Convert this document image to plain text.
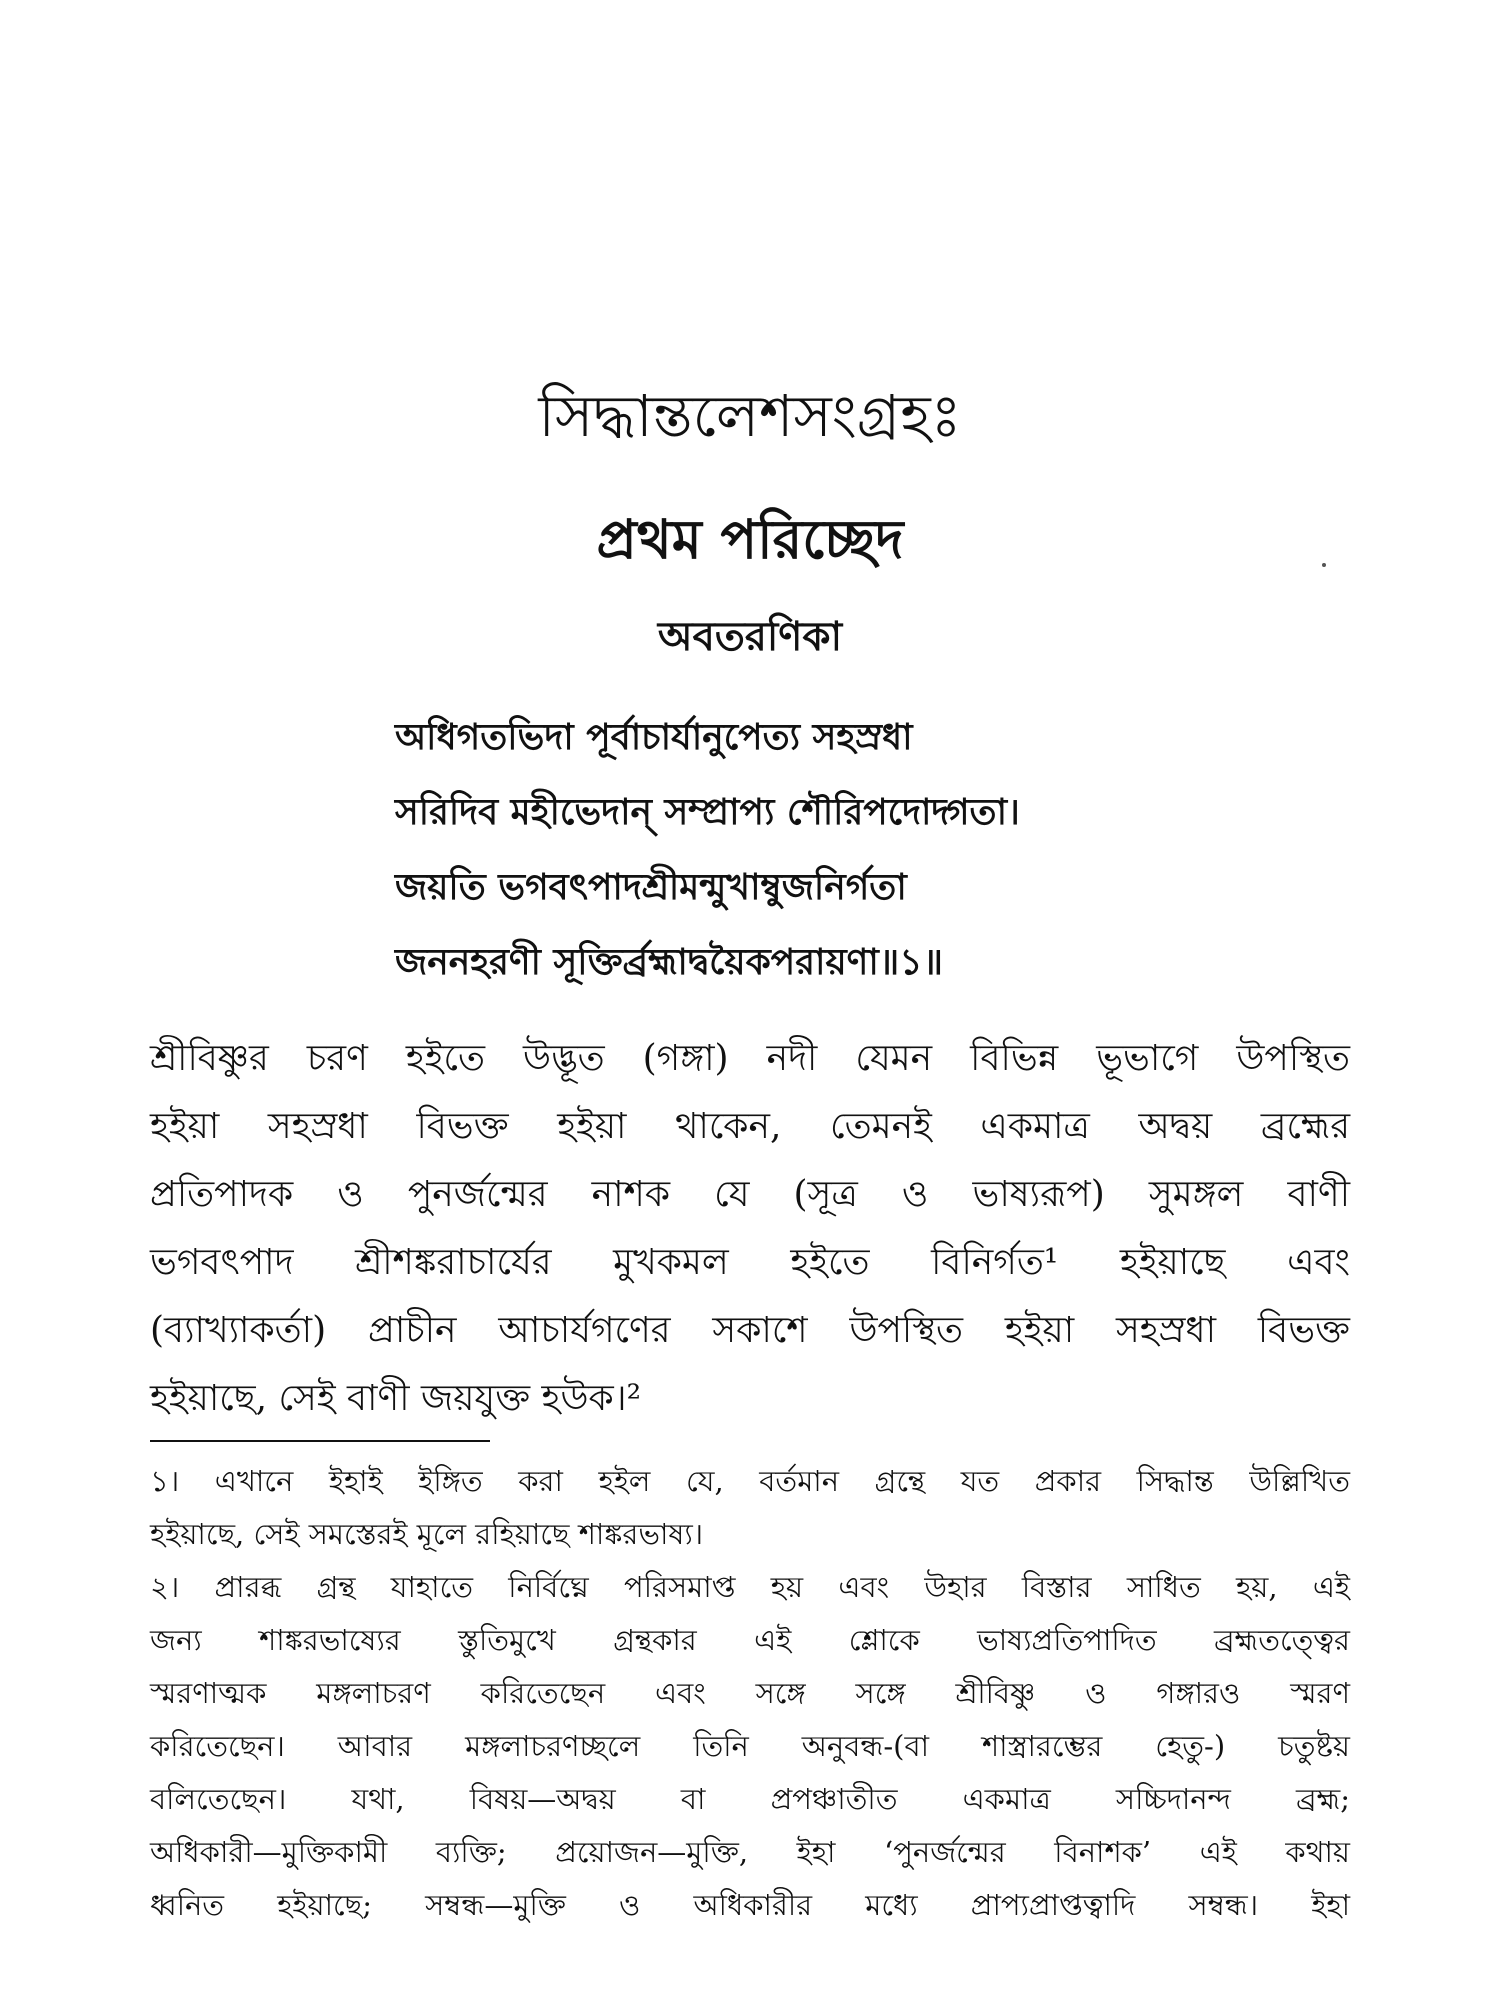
সিদ্ধান্তলেশসংগ্রহঃ
প্রথম পরিচ্ছেদ
অবতরণিকা
অধিগতভিদা পূর্বাচার্যানুপেত্য সহস্রধা
সরিদিব মহীভেদান্ সম্প্রাপ্য শৌরিপদোদ্গতা।
জয়তি ভগবৎপাদশ্রীমন্মুখাম্বুজনির্গতা
জননহরণী সূক্তির্ব্রহ্মাদ্বয়ৈকপরায়ণা॥১॥
শ্রীবিষ্ণুর চরণ হইতে উদ্ভূত (গঙ্গা) নদী যেমন বিভিন্ন ভূভাগে উপস্থিত
হইয়া সহস্রধা বিভক্ত হইয়া থাকেন, তেমনই একমাত্র অদ্বয় ব্রহ্মের
প্রতিপাদক ও পুনর্জন্মের নাশক যে (সূত্র ও ভাষ্যরূপ) সুমঙ্গল বাণী
ভগবৎপাদ শ্রীশঙ্করাচার্যের মুখকমল হইতে বিনির্গত¹ হইয়াছে এবং
(ব্যাখ্যাকর্তা) প্রাচীন আচার্যগণের সকাশে উপস্থিত হইয়া সহস্রধা বিভক্ত
হইয়াছে, সেই বাণী জয়যুক্ত হউক।²
১। এখানে ইহাই ইঙ্গিত করা হইল যে, বর্তমান গ্রন্থে যত প্রকার সিদ্ধান্ত উল্লিখিত
হইয়াছে, সেই সমস্তেরই মূলে রহিয়াছে শাঙ্করভাষ্য।
২। প্রারব্ধ গ্রন্থ যাহাতে নির্বিঘ্নে পরিসমাপ্ত হয় এবং উহার বিস্তার সাধিত হয়, এই
জন্য শাঙ্করভাষ্যের স্তুতিমুখে গ্রন্থকার এই শ্লোকে ভাষ্যপ্রতিপাদিত ব্রহ্মতত্ত্বের
স্মরণাত্মক মঙ্গলাচরণ করিতেছেন এবং সঙ্গে সঙ্গে শ্রীবিষ্ণু ও গঙ্গারও স্মরণ
করিতেছেন। আবার মঙ্গলাচরণচ্ছলে তিনি অনুবন্ধ-(বা শাস্ত্রারম্ভের হেতু-) চতুষ্টয়
বলিতেছেন। যথা, বিষয়—অদ্বয় বা প্রপঞ্চাতীত একমাত্র সচ্চিদানন্দ ব্রহ্ম;
অধিকারী—মুক্তিকামী ব্যক্তি; প্রয়োজন—মুক্তি, ইহা ‘পুনর্জন্মের বিনাশক’ এই কথায়
ধ্বনিত হইয়াছে; সম্বন্ধ—মুক্তি ও অধিকারীর মধ্যে প্রাপ্যপ্রাপ্তত্বাদি সম্বন্ধ। ইহা
